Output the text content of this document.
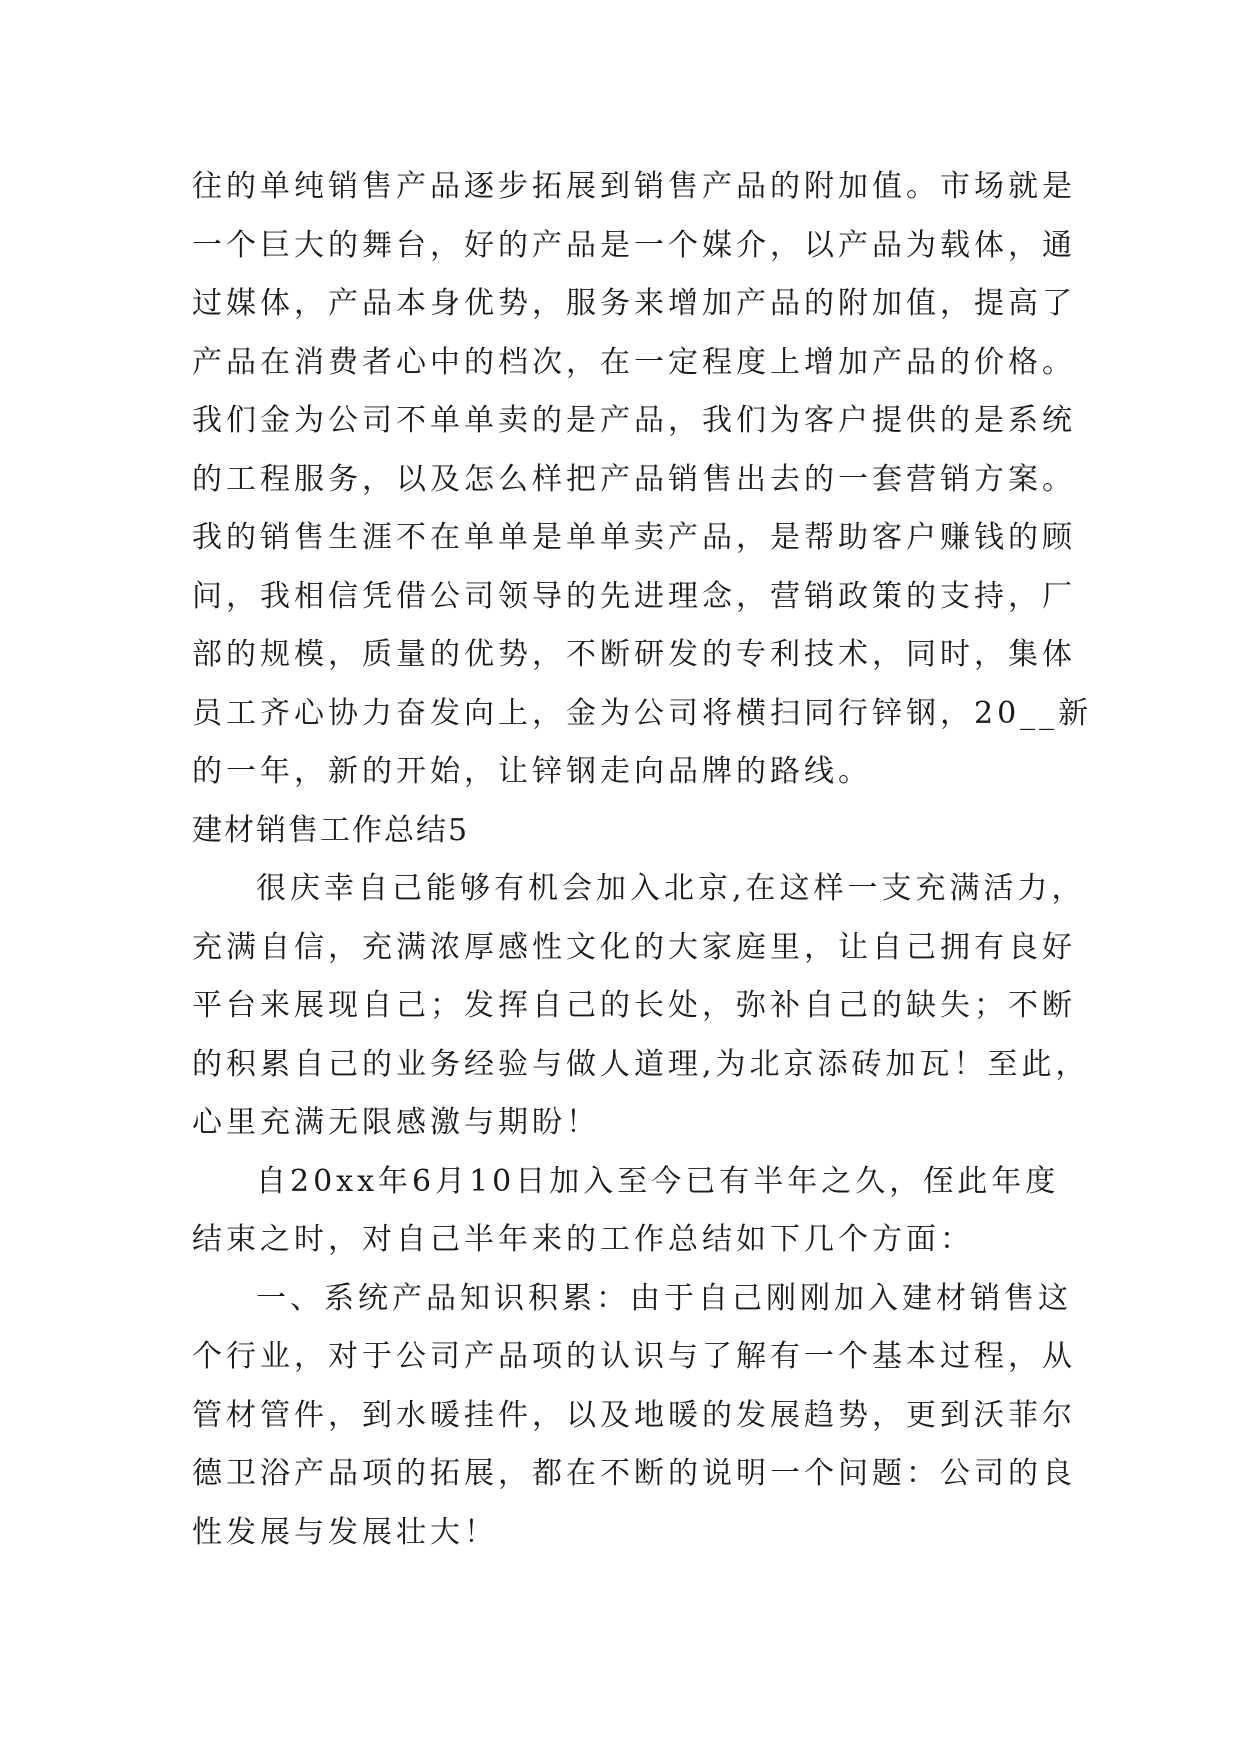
往的单纯销售产品逐步拓展到销售产品的附加值。市场就是
一个巨大的舞台，好的产品是一个媒介，以产品为载体，通
过媒体，产品本身优势，服务来增加产品的附加值，提高了
产品在消费者心中的档次，在一定程度上增加产品的价格。
我们金为公司不单单卖的是产品，我们为客户提供的是系统
的工程服务，以及怎么样把产品销售出去的一套营销方案。
我的销售生涯不在单单是单单卖产品，是帮助客户赚钱的顾
问，我相信凭借公司领导的先进理念，营销政策的支持，厂
部的规模，质量的优势，不断研发的专利技术，同时，集体
员工齐心协力奋发向上，金为公司将横扫同行锌钢，20__新
的一年，新的开始，让锌钢走向品牌的路线。
建材销售工作总结5
很庆幸自己能够有机会加入北京,在这样一支充满活力，
充满自信，充满浓厚感性文化的大家庭里，让自己拥有良好
平台来展现自己；发挥自己的长处，弥补自己的缺失；不断
的积累自己的业务经验与做人道理,为北京添砖加瓦！至此，
心里充满无限感激与期盼！
自20xx年6月10日加入至今已有半年之久，侄此年度
结束之时，对自己半年来的工作总结如下几个方面：
一、系统产品知识积累：由于自己刚刚加入建材销售这
个行业，对于公司产品项的认识与了解有一个基本过程，从
管材管件，到水暖挂件，以及地暖的发展趋势，更到沃菲尔
德卫浴产品项的拓展，都在不断的说明一个问题：公司的良
性发展与发展壮大！
